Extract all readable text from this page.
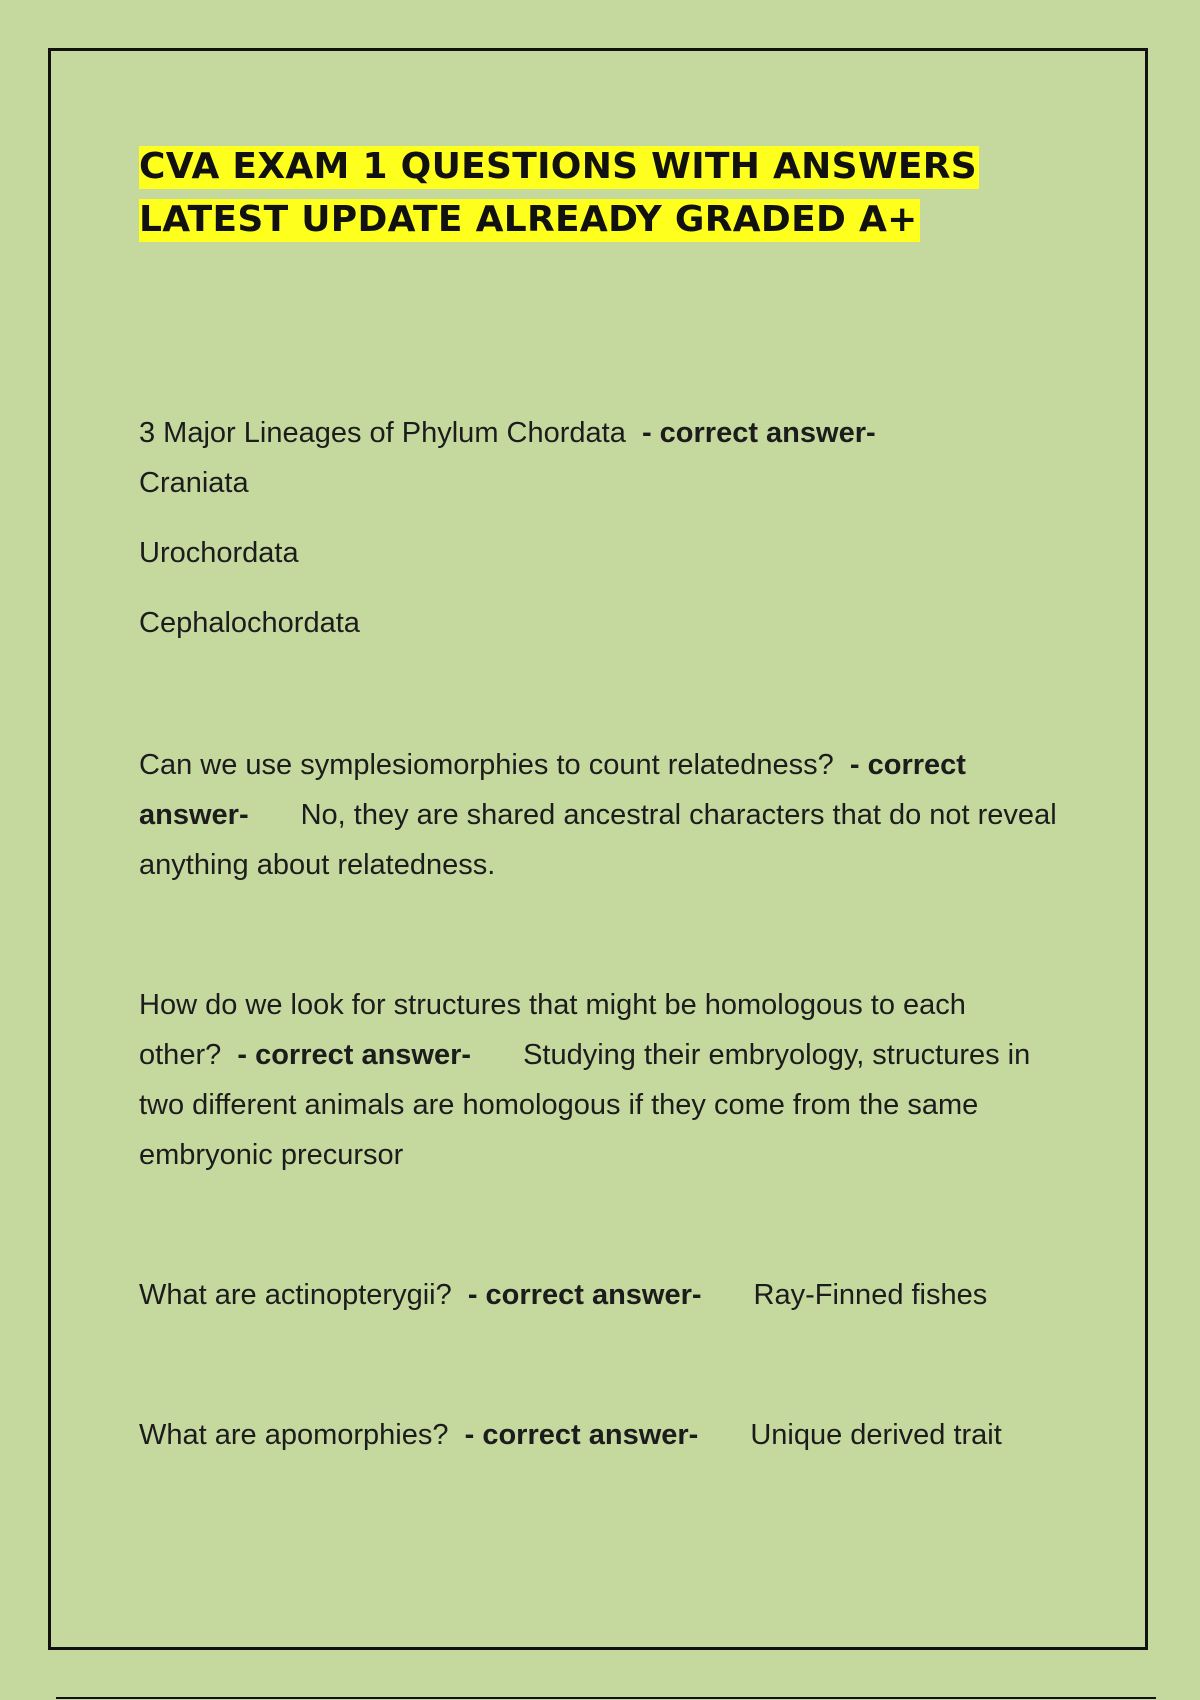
CVA EXAM 1 QUESTIONS WITH ANSWERS
LATEST UPDATE ALREADY GRADED A+

3 Major Lineages of Phylum Chordata - correct answer-

Craniata

Urochordata

Cephalochordata

Can we use symplesiomorphies to count relatedness? - correct answer- No, they are shared ancestral characters that do not reveal anything about relatedness.

How do we look for structures that might be homologous to each other? - correct answer- Studying their embryology, structures in two different animals are homologous if they come from the same embryonic precursor

What are actinopterygii? - correct answer- Ray-Finned fishes

What are apomorphies? - correct answer- Unique derived trait
